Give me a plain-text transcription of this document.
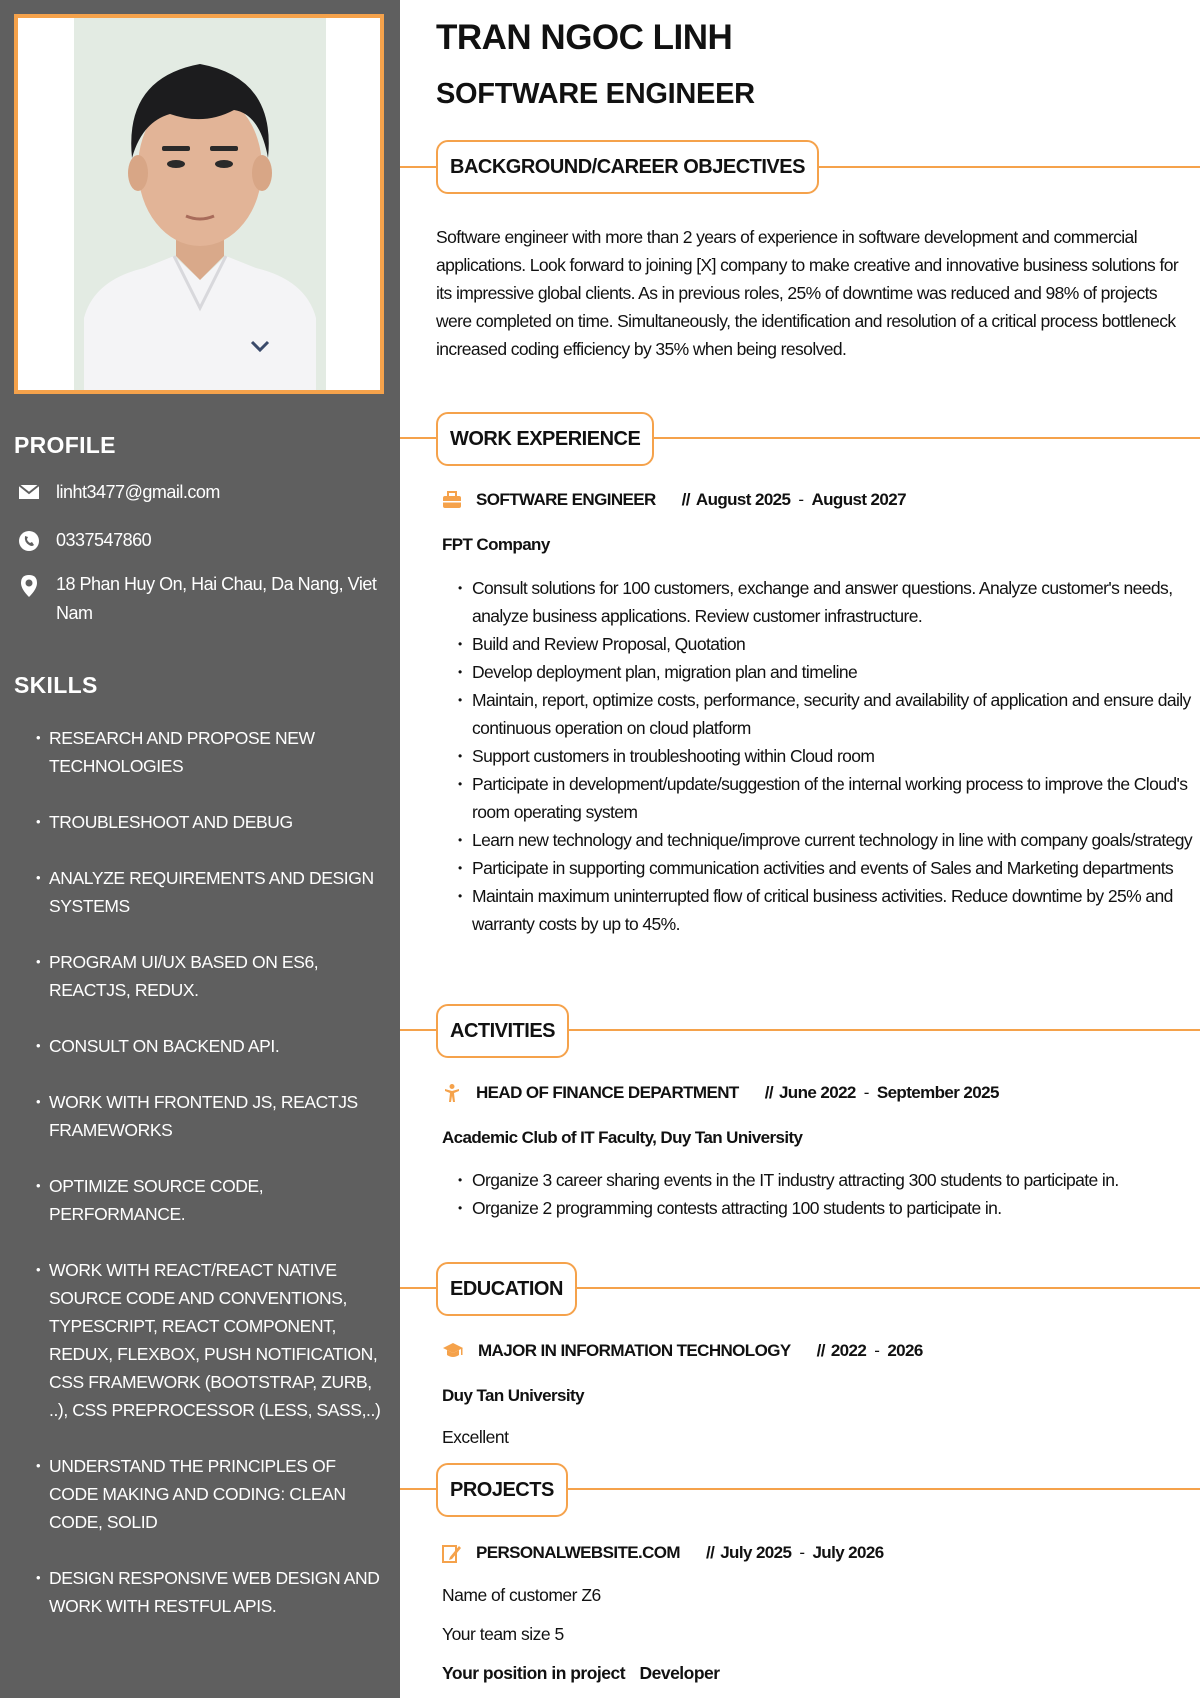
PROFILE
linht3477@gmail.com
0337547860
18 Phan Huy On, Hai Chau, Da Nang, Viet Nam
SKILLS
• RESEARCH AND PROPOSE NEW TECHNOLOGIES
• TROUBLESHOOT AND DEBUG
• ANALYZE REQUIREMENTS AND DESIGN SYSTEMS
• PROGRAM UI/UX BASED ON ES6, REACTJS, REDUX.
• CONSULT ON BACKEND API.
• WORK WITH FRONTEND JS, REACTJS FRAMEWORKS
• OPTIMIZE SOURCE CODE, PERFORMANCE.
• WORK WITH REACT/REACT NATIVE SOURCE CODE AND CONVENTIONS, TYPESCRIPT, REACT COMPONENT, REDUX, FLEXBOX, PUSH NOTIFICATION, CSS FRAMEWORK (BOOTSTRAP, ZURB, ..), CSS PREPROCESSOR (LESS, SASS,..)
• UNDERSTAND THE PRINCIPLES OF CODE MAKING AND CODING: CLEAN CODE, SOLID
• DESIGN RESPONSIVE WEB DESIGN AND WORK WITH RESTFUL APIS.
TRAN NGOC LINH
SOFTWARE ENGINEER
BACKGROUND/CAREER OBJECTIVES
Software engineer with more than 2 years of experience in software development and commercial applications. Look forward to joining [X] company to make creative and innovative business solutions for its impressive global clients. As in previous roles, 25% of downtime was reduced and 98% of projects were completed on time. Simultaneously, the identification and resolution of a critical process bottleneck increased coding efficiency by 35% when being resolved.
WORK EXPERIENCE
SOFTWARE ENGINEER // August 2025 - August 2027
FPT Company
• Consult solutions for 100 customers, exchange and answer questions. Analyze customer's needs, analyze business applications. Review customer infrastructure.
• Build and Review Proposal, Quotation
• Develop deployment plan, migration plan and timeline
• Maintain, report, optimize costs, performance, security and availability of application and ensure daily continuous operation on cloud platform
• Support customers in troubleshooting within Cloud room
• Participate in development/update/suggestion of the internal working process to improve the Cloud's room operating system
• Learn new technology and technique/improve current technology in line with company goals/strategy
• Participate in supporting communication activities and events of Sales and Marketing departments
• Maintain maximum uninterrupted flow of critical business activities. Reduce downtime by 25% and warranty costs by up to 45%.
ACTIVITIES
HEAD OF FINANCE DEPARTMENT // June 2022 - September 2025
Academic Club of IT Faculty, Duy Tan University
• Organize 3 career sharing events in the IT industry attracting 300 students to participate in.
• Organize 2 programming contests attracting 100 students to participate in.
EDUCATION
MAJOR IN INFORMATION TECHNOLOGY // 2022 - 2026
Duy Tan University
Excellent
PROJECTS
PERSONALWEBSITE.COM // July 2025 - July 2026
Name of customer Z6
Your team size 5
Your position in project Developer
